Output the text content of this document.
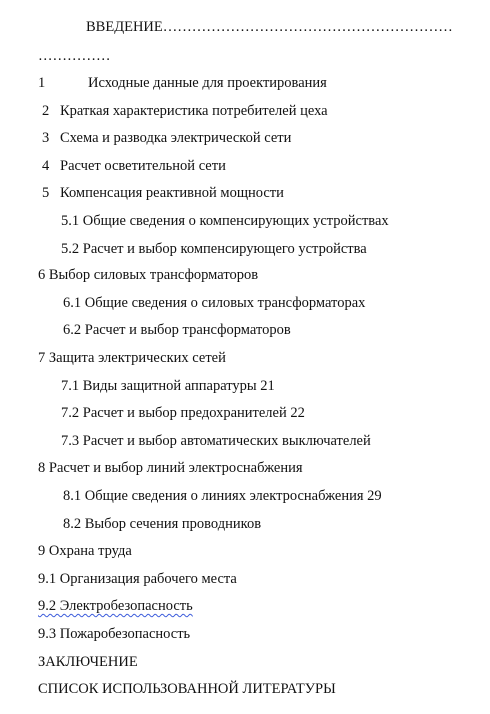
ВВЕДЕНИЕ……………………………………………………
……………
1	Исходные данные для проектирования
2 Краткая характеристика потребителей цеха
3 Схема и разводка электрической сети
4 Расчет осветительной сети
5 Компенсация реактивной мощности
5.1 Общие сведения о компенсирующих устройствах
5.2 Расчет и выбор компенсирующего устройства
6 Выбор силовых трансформаторов
6.1 Общие сведения о силовых трансформаторах
6.2 Расчет и выбор трансформаторов
7 Защита электрических сетей
7.1 Виды защитной аппаратуры 21
7.2 Расчет и выбор предохранителей 22
7.3 Расчет и выбор автоматических выключателей
8 Расчет и выбор линий электроснабжения
8.1 Общие сведения о линиях электроснабжения 29
8.2 Выбор сечения проводников
9 Охрана труда
9.1 Организация рабочего места
9.2 Электробезопасность
9.3 Пожаробезопасность
ЗАКЛЮЧЕНИЕ
СПИСОК ИСПОЛЬЗОВАННОЙ ЛИТЕРАТУРЫ
